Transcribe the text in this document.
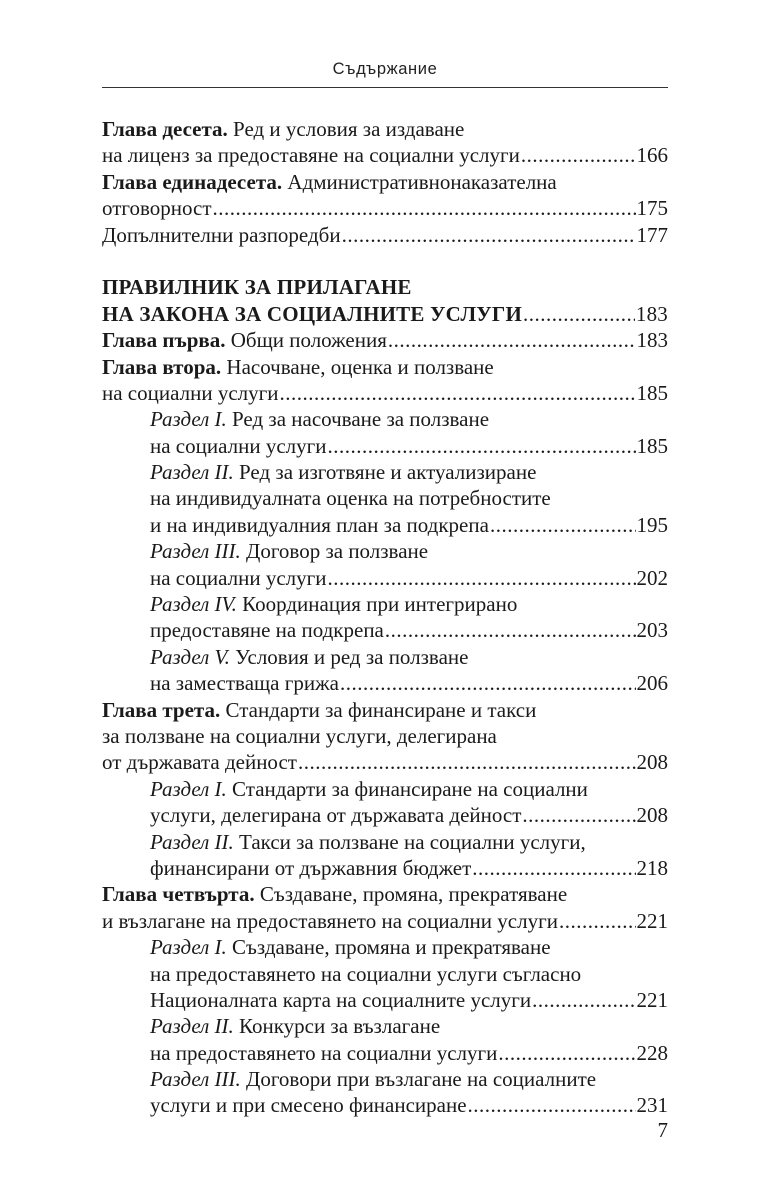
Съдържание
Глава десета. Ред и условия за издаване
на лиценз за предоставяне на социални услуги .....	166
Глава единадесета. Административнонаказателна
отговорност .....	175
Допълнителни разпоредби .....	177
ПРАВИЛНИК ЗА ПРИЛАГАНЕ
НА ЗАКОНА ЗА СОЦИАЛНИТЕ УСЛУГИ .....	183
Глава първа. Общи положения .....	183
Глава втора. Насочване, оценка и ползване
на социални услуги .....	185
Раздел I. Ред за насочване за ползване
на социални услуги .....	185
Раздел II. Ред за изготвяне и актуализиране
на индивидуалната оценка на потребностите
и на индивидуалния план за подкрепа .....	195
Раздел III. Договор за ползване
на социални услуги .....	202
Раздел IV. Координация при интегрирано
предоставяне на подкрепа .....	203
Раздел V. Условия и ред за ползване
на заместваща грижа .....	206
Глава трета. Стандарти за финансиране и такси
за ползване на социални услуги, делегирана
от държавата дейност .....	208
Раздел I. Стандарти за финансиране на социални
услуги, делегирана от държавата дейност .....	208
Раздел II. Такси за ползване на социални услуги,
финансирани от държавния бюджет .....	218
Глава четвърта. Създаване, промяна, прекратяване
и възлагане на предоставянето на социални услуги .....	221
Раздел I. Създаване, промяна и прекратяване
на предоставянето на социални услуги съгласно
Националната карта на социалните услуги .....	221
Раздел II. Конкурси за възлагане
на предоставянето на социални услуги .....	228
Раздел III. Договори при възлагане на социалните
услуги и при смесено финансиране .....	231
7
